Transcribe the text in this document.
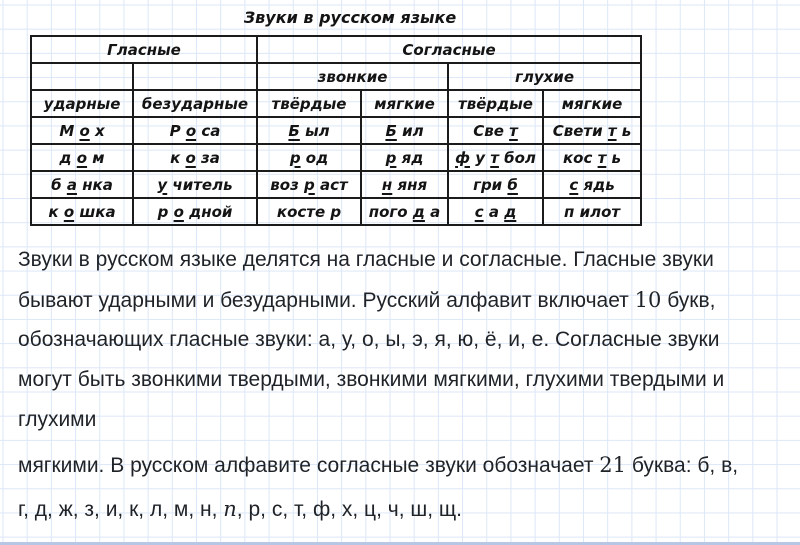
Звуки в русском языке
Гласные		Согласные			
		звонкие		глухие	
ударные	безударные	твёрдые	мягкие	твёрдые	мягкие
М о х	Р о са	Б ыл	Б ил	Све т	Свети т ь
д о м	к о за	р од	р яд	ф у т бол	кос т ь
б а нка	у читель	воз р аст	н яня	гри б	с ядь
к о шка	р о дной	косте р	пого д а	с а д	п илот
Звуки в русском языке делятся на гласные и согласные. Гласные звуки
бывают ударными и безударными. Русский алфавит включает 10 букв,
обозначающих гласные звуки: а, у, о, ы, э, я, ю, ё, и, е. Согласные звуки
могут быть звонкими твердыми, звонкими мягкими, глухими твердыми и
глухими
мягкими. В русском алфавите согласные звуки обозначает 21 буква: б, в,
г, д, ж, з, и, к, л, м, н, n, р, с, т, ф, х, ц, ч, ш, щ.
